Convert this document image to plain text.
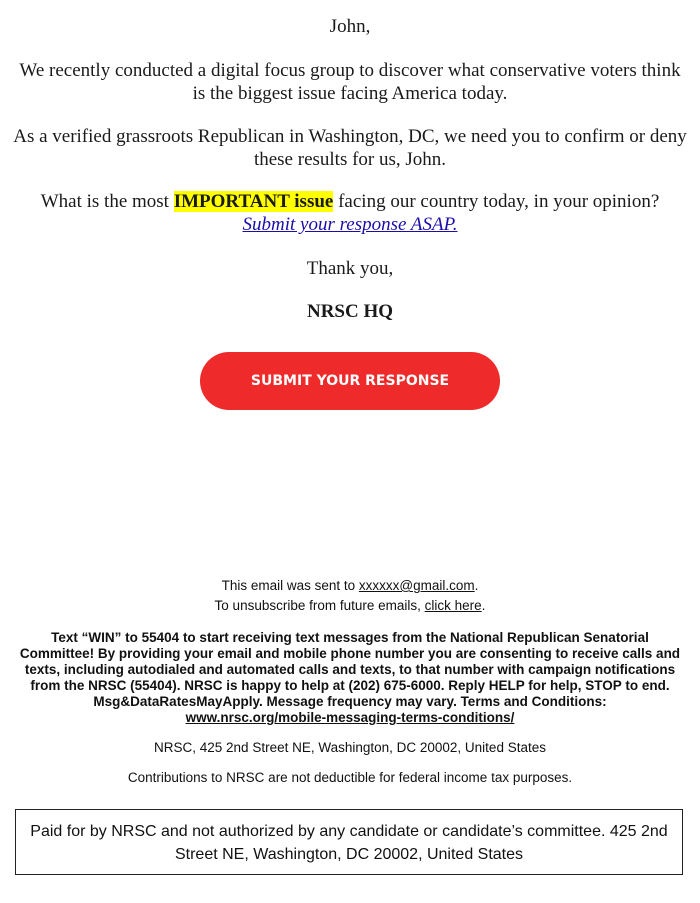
John,
We recently conducted a digital focus group to discover what conservative voters think is the biggest issue facing America today.
As a verified grassroots Republican in Washington, DC, we need you to confirm or deny these results for us, John.
What is the most IMPORTANT issue facing our country today, in your opinion?
Submit your response ASAP.
Thank you,
NRSC HQ
SUBMIT YOUR RESPONSE
This email was sent to xxxxxx@gmail.com.
To unsubscribe from future emails, click here.
Text “WIN” to 55404 to start receiving text messages from the National Republican Senatorial Committee! By providing your email and mobile phone number you are consenting to receive calls and texts, including autodialed and automated calls and texts, to that number with campaign notifications from the NRSC (55404). NRSC is happy to help at (202) 675-6000. Reply HELP for help, STOP to end. Msg&DataRatesMayApply. Message frequency may vary. Terms and Conditions:
www.nrsc.org/mobile-messaging-terms-conditions/
NRSC, 425 2nd Street NE, Washington, DC 20002, United States
Contributions to NRSC are not deductible for federal income tax purposes.
Paid for by NRSC and not authorized by any candidate or candidate’s committee. 425 2nd Street NE, Washington, DC 20002, United States
